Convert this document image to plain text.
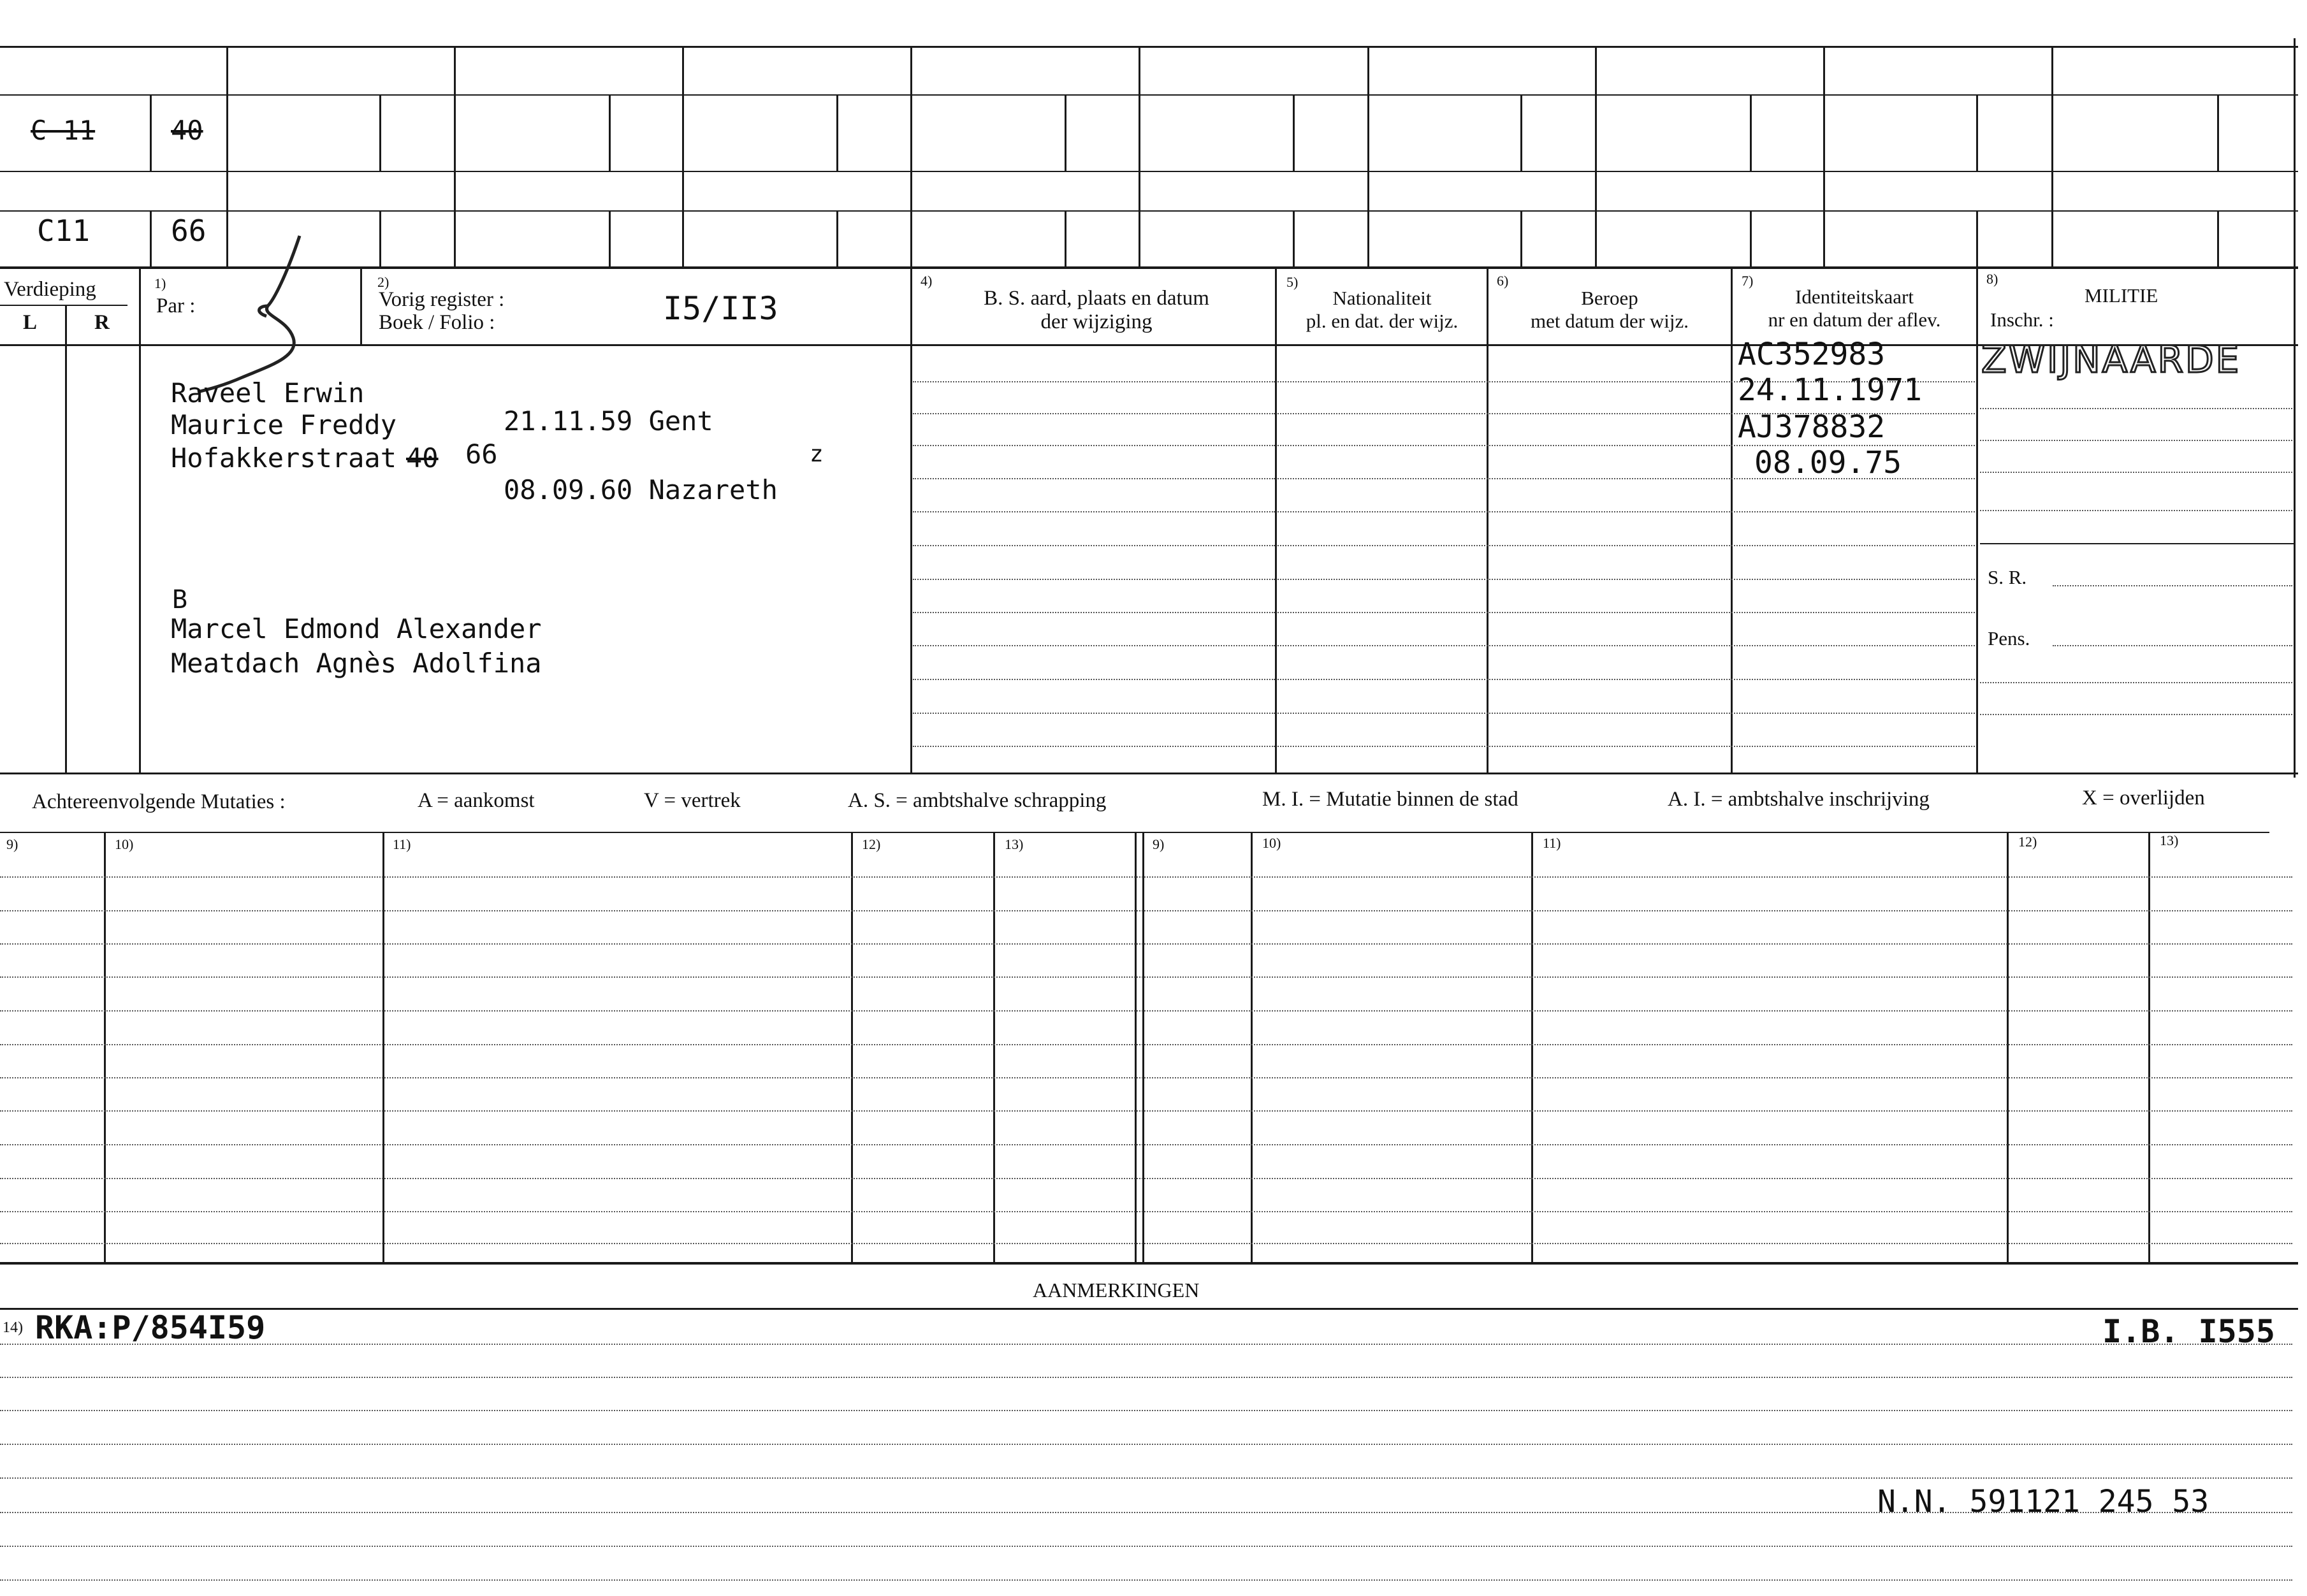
C 11	40
C11	66
Verdieping
L	R
1)
Par :
2)
Vorig register :
Boek / Folio :	I5/II3
4)
B. S. aard, plaats en datum
der wijziging
5)
Nationaliteit
pl. en dat. der wijz.
6)
Beroep
met datum der wijz.
7)
Identiteitskaart
nr en datum der aflev.
8)
MILITIE
Inschr. :
Raveel Erwin
Maurice Freddy	21.11.59 Gent
Hofakkerstraat 40 66
08.09.60 Nazareth
z
B
Marcel Edmond Alexander
Meatdach Agnès Adolfina
AC352983
24.11.1971
AJ378832
08.09.75
ZWIJNAARDE
S. R.
Pens.
Achtereenvolgende Mutaties :	A = aankomst	V = vertrek	A. S. = ambtshalve schrapping	M. I. = Mutatie binnen de stad	A. I. = ambtshalve inschrijving	X = overlijden
9)	10)	11)	12)	13)	9)	10)	11)	12)	13)
AANMERKINGEN
14) RKA:P/854I59	I.B. I555
N.N. 591121 245 53
